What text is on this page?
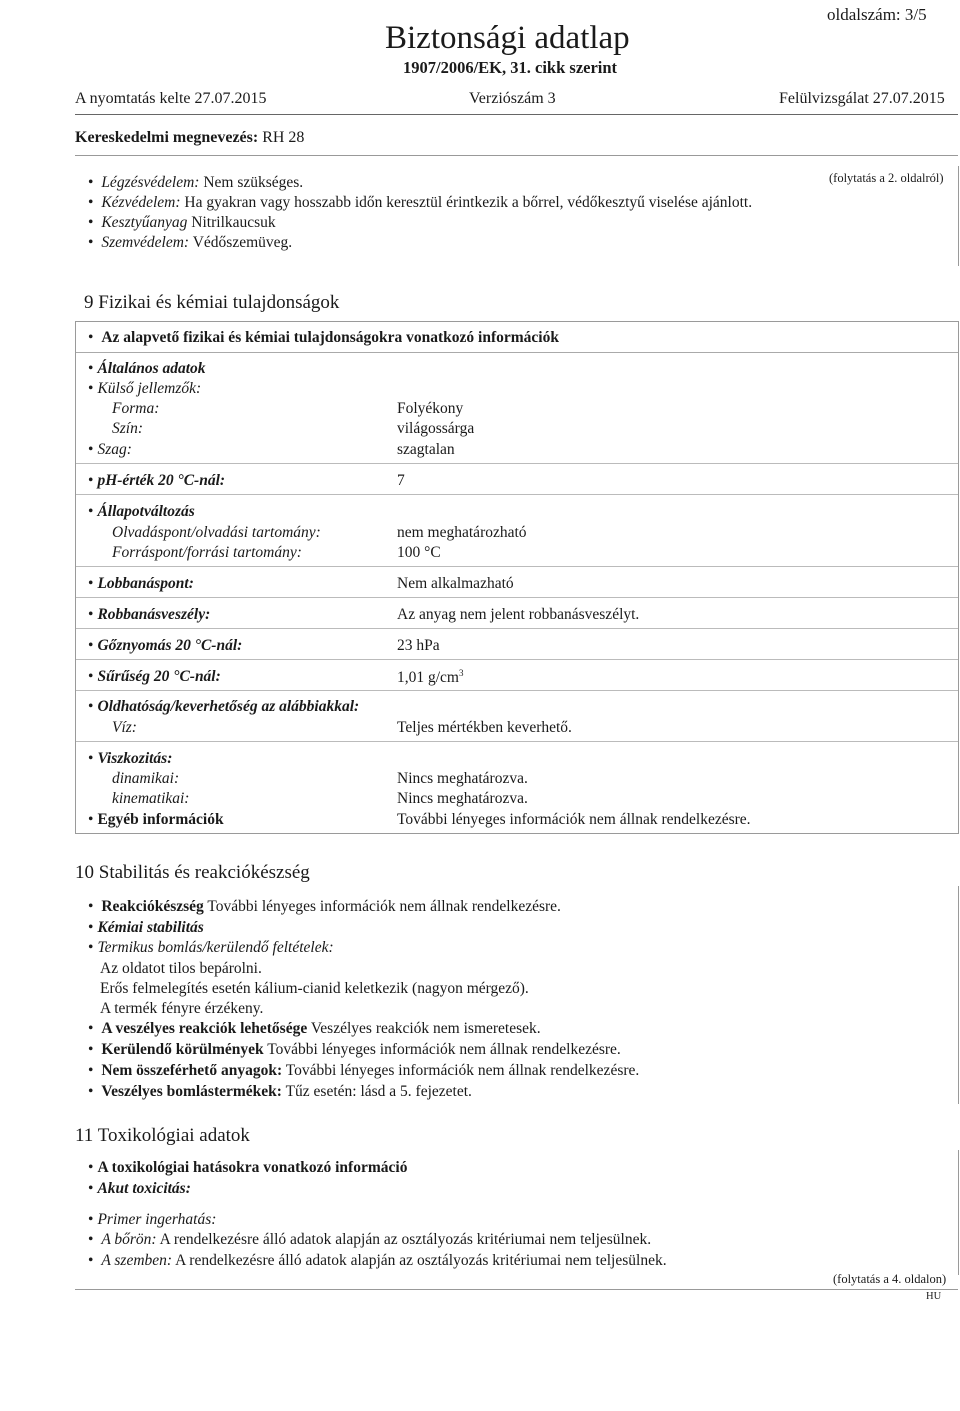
Biztonsági adatlap
1907/2006/EK, 31. cikk szerint
oldalszám: 3/5
A nyomtatás kelte 27.07.2015	Verziószám 3	Felülvizsgálat 27.07.2015
Kereskedelmi megnevezés: RH 28
(folytatás a 2. oldalról)
• Légzésvédelem: Nem szükséges.
• Kézvédelem: Ha gyakran vagy hosszabb időn keresztül érintkezik a bőrrel, védőkesztyű viselése ajánlott.
• Kesztyűanyag Nitrilkaucsuk
• Szemvédelem: Védőszemüveg.
9 Fizikai és kémiai tulajdonságok
• Az alapvető fizikai és kémiai tulajdonságokra vonatkozó információk
• Általános adatok
• Külső jellemzők:
Forma:	Folyékony
Szín:	világossárga
• Szag:	szagtalan
• pH-érték 20 °C-nál:	7
• Állapotváltozás
Olvadáspont/olvadási tartomány:	nem meghatározható
Forráspont/forrási tartomány:	100 °C
• Lobbanáspont:	Nem alkalmazható
• Robbanásveszély:	Az anyag nem jelent robbanásveszélyt.
• Gőznyomás 20 °C-nál:	23 hPa
• Sűrűség 20 °C-nál:	1,01 $g/cm^3$
• Oldhatóság/keverhetőség az alábbiakkal:
Víz:	Teljes mértékben keverhető.
• Viszkozitás:
dinamikai:	Nincs meghatározva.
kinematikai:	Nincs meghatározva.
• Egyéb információk	További lényeges információk nem állnak rendelkezésre.
10 Stabilitás és reakciókészség
• Reakciókészség További lényeges információk nem állnak rendelkezésre.
• Kémiai stabilitás
• Termikus bomlás/kerülendő feltételek:
Az oldatot tilos bepárolni.
Erős felmelegítés esetén kálium-cianid keletkezik (nagyon mérgező).
A termék fényre érzékeny.
• A veszélyes reakciók lehetősége Veszélyes reakciók nem ismeretesek.
• Kerülendő körülmények További lényeges információk nem állnak rendelkezésre.
• Nem összeférhető anyagok: További lényeges információk nem állnak rendelkezésre.
• Veszélyes bomlástermékek: Tűz esetén: lásd a 5. fejezetet.
11 Toxikológiai adatok
• A toxikológiai hatásokra vonatkozó információ
• Akut toxicitás:
• Primer ingerhatás:
• A bőrön: A rendelkezésre álló adatok alapján az osztályozás kritériumai nem teljesülnek.
• A szemben: A rendelkezésre álló adatok alapján az osztályozás kritériumai nem teljesülnek.
(folytatás a 4. oldalon)
HU
